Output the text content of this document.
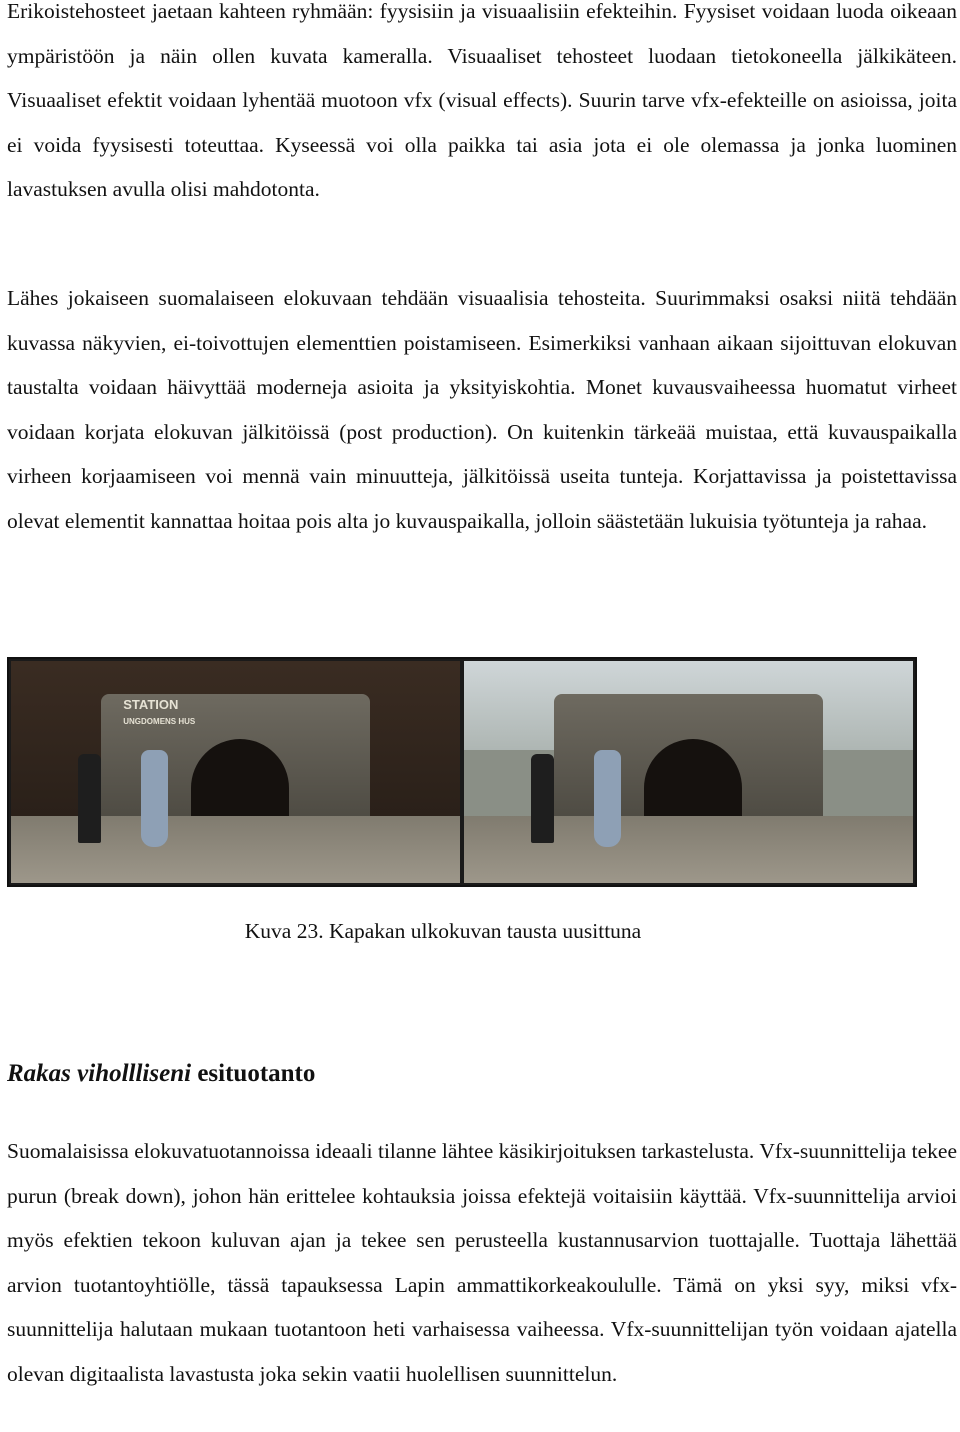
Erikoistehosteet jaetaan kahteen ryhmään: fyysisiin ja visuaalisiin efekteihin. Fyysiset voidaan luoda oikeaan ympäristöön ja näin ollen kuvata kameralla. Visuaaliset tehosteet luodaan tietokoneella jälkikäteen. Visuaaliset efektit voidaan lyhentää muotoon vfx (visual effects). Suurin tarve vfx-efekteille on asioissa, joita ei voida fyysisesti toteuttaa. Kyseessä voi olla paikka tai asia jota ei ole olemassa ja jonka luominen lavastuksen avulla olisi mahdotonta.

Lähes jokaiseen suomalaiseen elokuvaan tehdään visuaalisia tehosteita. Suurimmaksi osaksi niitä tehdään kuvassa näkyvien, ei-toivottujen elementtien poistamiseen. Esimerkiksi vanhaan aikaan sijoittuvan elokuvan taustalta voidaan häivyttää moderneja asioita ja yksityiskohtia. Monet kuvausvaiheessa huomatut virheet voidaan korjata elokuvan jälkitöissä (post production). On kuitenkin tärkeää muistaa, että kuvauspaikalla virheen korjaamiseen voi mennä vain minuutteja, jälkitöissä useita tunteja. Korjattavissa ja poistettavissa olevat elementit kannattaa hoitaa pois alta jo kuvauspaikalla, jolloin säästetään lukuisia työtunteja ja rahaa.

STATION
UNGDOMENS HUS

Kuva 23. Kapakan ulkokuvan tausta uusittuna

Rakas vihollliseni esituotanto

Suomalaisissa elokuvatuotannoissa ideaali tilanne lähtee käsikirjoituksen tarkastelusta. Vfx-suunnittelija tekee purun (break down), johon hän erittelee kohtauksia joissa efektejä voitaisiin käyttää. Vfx-suunnittelija arvioi myös efektien tekoon kuluvan ajan ja tekee sen perusteella kustannusarvion tuottajalle. Tuottaja lähettää arvion tuotantoyhtiölle, tässä tapauksessa Lapin ammattikorkeakoululle. Tämä on yksi syy, miksi vfx-suunnittelija halutaan mukaan tuotantoon heti varhaisessa vaiheessa. Vfx-suunnittelijan työn voidaan ajatella olevan digitaalista lavastusta joka sekin vaatii huolellisen suunnittelun.
